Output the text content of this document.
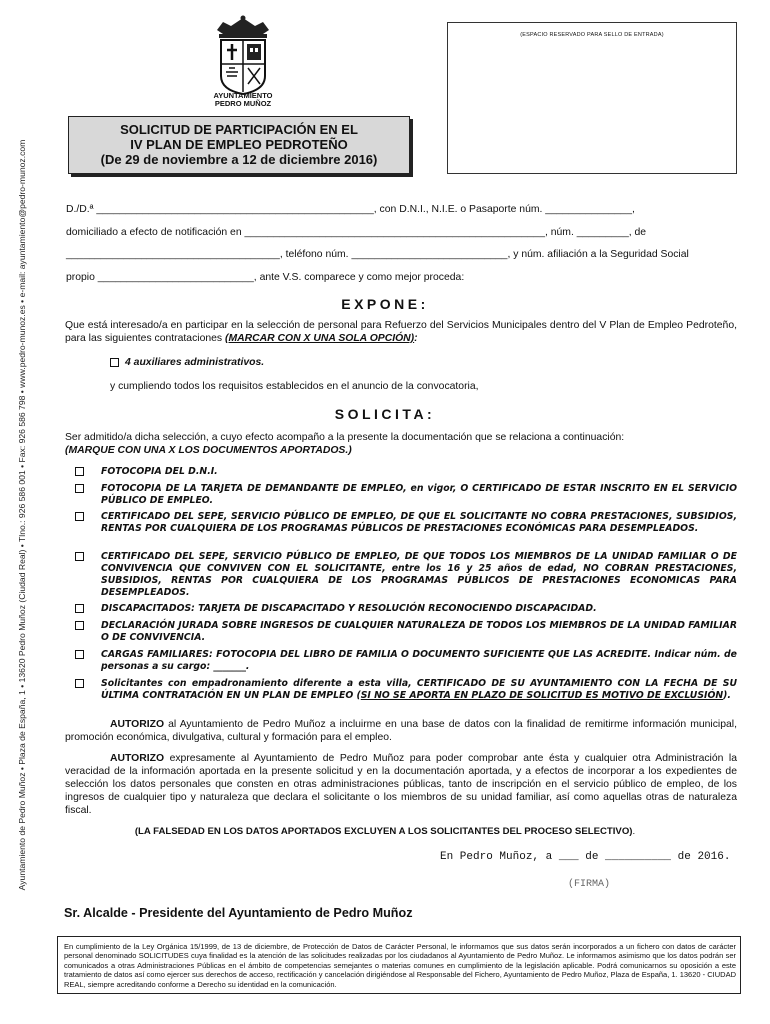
Ayuntamiento de Pedro Muñoz • Plaza de España, 1 • 13620 Pedro Muñoz (Ciudad Real) • Tlno.: 926 586 001 • Fax: 926 586 798 • www.pedro-munoz.es • e-mail: ayuntamiento@pedro-munoz.com
AYUNTAMIENTO
PEDRO MUÑOZ
(ESPACIO RESERVADO PARA SELLO DE ENTRADA)
SOLICITUD DE PARTICIPACIÓN EN EL
IV PLAN DE EMPLEO PEDROTEÑO
(De 29 de noviembre a 12 de diciembre 2016)
D./D.ª ________________________________________________, con D.N.I., N.I.E. o Pasaporte núm. _______________,
domiciliado a efecto de notificación en ____________________________________________________, núm. _________, de
_____________________________________, teléfono núm. ___________________________, y núm. afiliación a la Seguridad Social
propio ___________________________, ante V.S. comparece y como mejor proceda:
EXPONE:
Que está interesado/a en participar en la selección de personal para Refuerzo del Servicios Municipales dentro del V Plan de Empleo Pedroteño, para las siguientes contrataciones (MARCAR CON X UNA SOLA OPCIÓN):
4 auxiliares administrativos.
y cumpliendo todos los requisitos establecidos en el anuncio de la convocatoria,
SOLICITA:
Ser admitido/a dicha selección, a cuyo efecto acompaño a la presente la documentación que se relaciona a continuación:
(MARQUE CON UNA X LOS DOCUMENTOS APORTADOS.)
FOTOCOPIA DEL D.N.I.
FOTOCOPIA DE LA TARJETA DE DEMANDANTE DE EMPLEO, en vigor, O CERTIFICADO DE ESTAR INSCRITO EN EL SERVICIO PÚBLICO DE EMPLEO.
CERTIFICADO DEL SEPE, SERVICIO PÚBLICO DE EMPLEO, DE QUE EL SOLICITANTE NO COBRA PRESTACIONES, SUBSIDIOS, RENTAS POR CUALQUIERA DE LOS PROGRAMAS PÚBLICOS DE PRESTACIONES ECONÓMICAS PARA DESEMPLEADOS.
CERTIFICADO DEL SEPE, SERVICIO PÚBLICO DE EMPLEO, DE QUE TODOS LOS MIEMBROS DE LA UNIDAD FAMILIAR O DE CONVIVENCIA QUE CONVIVEN CON EL SOLICITANTE, entre los 16 y 25 años de edad, NO COBRAN PRESTACIONES, SUBSIDIOS, RENTAS POR CUALQUIERA DE LOS PROGRAMAS PÚBLICOS DE PRESTACIONES ECONOMICAS PARA DESEMPLEADOS.
DISCAPACITADOS: TARJETA DE DISCAPACITADO Y RESOLUCIÓN RECONOCIENDO DISCAPACIDAD.
DECLARACIÓN JURADA SOBRE INGRESOS DE CUALQUIER NATURALEZA DE TODOS LOS MIEMBROS DE LA UNIDAD FAMILIAR O DE CONVIVENCIA.
CARGAS FAMILIARES: FOTOCOPIA DEL LIBRO DE FAMILIA O DOCUMENTO SUFICIENTE QUE LAS ACREDITE. Indicar núm. de personas a su cargo: _______.
Solicitantes con empadronamiento diferente a esta villa, CERTIFICADO DE SU AYUNTAMIENTO CON LA FECHA DE SU ÚLTIMA CONTRATACIÓN EN UN PLAN DE EMPLEO (SI NO SE APORTA EN PLAZO DE SOLICITUD ES MOTIVO DE EXCLUSIÓN).
AUTORIZO al Ayuntamiento de Pedro Muñoz a incluirme en una base de datos con la finalidad de remitirme información municipal, promoción económica, divulgativa, cultural y formación para el empleo.
AUTORIZO expresamente al Ayuntamiento de Pedro Muñoz para poder comprobar ante ésta y cualquier otra Administración la veracidad de la información aportada en la presente solicitud y en la documentación aportada, y a efectos de incorporar a los expedientes de selección los datos personales que consten en otras administraciones públicas, tanto de inscripción en el servicio público de empleo, de los ingresos de cualquier tipo y naturaleza que declara el solicitante o los miembros de su unidad familiar, así como aquellas otras de naturaleza fiscal.
(LA FALSEDAD EN LOS DATOS APORTADOS EXCLUYEN A LOS SOLICITANTES DEL PROCESO SELECTIVO).
En Pedro Muñoz, a ___ de __________ de 2016.
(FIRMA)
Sr. Alcalde - Presidente del Ayuntamiento de Pedro Muñoz
En cumplimiento de la Ley Orgánica 15/1999, de 13 de diciembre, de Protección de Datos de Carácter Personal, le informamos que sus datos serán incorporados a un fichero con datos de carácter personal denominado SOLICITUDES cuya finalidad es la atención de las solicitudes realizadas por los ciudadanos al Ayuntamiento de Pedro Muñoz. Le informamos asimismo que los datos podrán ser comunicados a otras Administraciones Públicas en el ámbito de competencias semejantes o materias comunes en cumplimiento de la legislación aplicable. Podrá comunicarnos su oposición a este tratamiento de datos así como ejercer sus derechos de acceso, rectificación y cancelación dirigiéndose al Responsable del Fichero, Ayuntamiento de Pedro Muñoz, Plaza de España, 1. 13620 - CIUDAD REAL, siempre acreditando conforme a Derecho su identidad en la comunicación.
